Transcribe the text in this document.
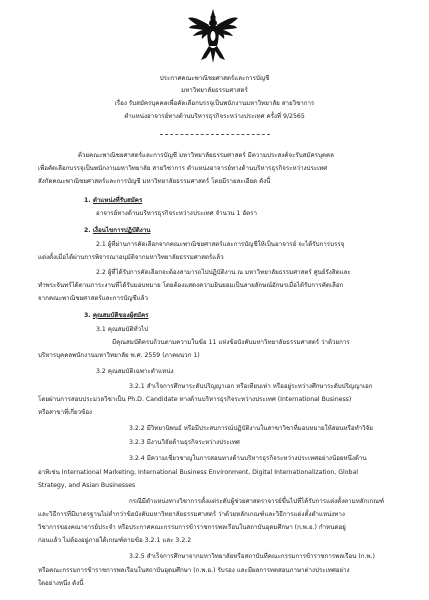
ประกาศคณะพาณิชยศาสตร์และการบัญชี
มหาวิทยาลัยธรรมศาสตร์
เรื่อง รับสมัครบุคคลเพื่อคัดเลือกบรรจุเป็นพนักงานมหาวิทยาลัย สายวิชาการ
ตำแหน่งอาจารย์ทางด้านบริหารธุรกิจระหว่างประเทศ ครั้งที่ 9/2565
ด้วยคณะพาณิชยศาสตร์และการบัญชี มหาวิทยาลัยธรรมศาสตร์ มีความประสงค์จะรับสมัครบุคคล
เพื่อคัดเลือกบรรจุเป็นพนักงานมหาวิทยาลัย สายวิชาการ ตำแหน่งอาจารย์ทางด้านบริหารธุรกิจระหว่างประเทศ
สังกัดคณะพาณิชยศาสตร์และการบัญชี มหาวิทยาลัยธรรมศาสตร์ โดยมีรายละเอียด ดังนี้
1. ตำแหน่งที่รับสมัคร
อาจารย์ทางด้านบริหารธุรกิจระหว่างประเทศ จำนวน 1 อัตรา
2. เงื่อนไขการปฏิบัติงาน
2.1 ผู้ที่ผ่านการคัดเลือกจากคณะพาณิชยศาสตร์และการบัญชีให้เป็นอาจารย์ จะได้รับการบรรจุ
แต่งตั้งเมื่อได้ผ่านการพิจารณาอนุมัติจากมหาวิทยาลัยธรรมศาสตร์แล้ว
2.2 ผู้ที่ได้รับการคัดเลือกจะต้องสามารถไปปฏิบัติงาน ณ มหาวิทยาลัยธรรมศาสตร์ ศูนย์รังสิตและ
ทำพระจันทร์ได้ตามภาระงานที่ได้รับมอบหมาย โดยต้องแสดงความยินยอมเป็นลายลักษณ์อักษรเมื่อได้รับการคัดเลือก
จากคณะพาณิชยศาสตร์และการบัญชีแล้ว
3. คุณสมบัติของผู้สมัคร
3.1 คุณสมบัติทั่วไป
มีคุณสมบัติครบถ้วนตามความในข้อ 11 แห่งข้อบังคับมหาวิทยาลัยธรรมศาสตร์ ว่าด้วยการ
บริหารบุคคลพนักงานมหาวิทยาลัย พ.ศ. 2559 (ภาคผนวก 1)
3.2 คุณสมบัติเฉพาะตำแหน่ง
3.2.1 สำเร็จการศึกษาระดับปริญญาเอก หรือเทียบเท่า หรืออยู่ระหว่างศึกษาระดับปริญญาเอก
โดยผ่านการสอบประมวลวิชาเป็น Ph.D. Candidate ทางด้านบริหารธุรกิจระหว่างประเทศ (International Business)
หรือสาขาที่เกี่ยวข้อง
3.2.2 มีวิทยานิพนธ์ หรือมีประสบการณ์ปฏิบัติงานในสาขาวิชาที่มอบหมายให้สอนหรือทำวิจัย
3.2.3 มีงานวิจัยด้านธุรกิจระหว่างประเทศ
3.2.4 มีความเชี่ยวชาญในการสอนทางด้านบริหารธุรกิจระหว่างประเทศอย่างน้อยหนึ่งด้าน
อาทิเช่น International Marketing, International Business Environment, Digital Internationalization, Global
Strategy, and Asian Businesses
กรณีมีตำแหน่งทางวิชาการตั้งแต่ระดับผู้ช่วยศาสตราจารย์ขึ้นไปที่ได้รับการแต่งตั้งตามหลักเกณฑ์
และวิธีการที่มีมาตรฐานไม่ต่ำกว่าข้อบังคับมหาวิทยาลัยธรรมศาสตร์ ว่าด้วยหลักเกณฑ์และวิธีการแต่งตั้งตำแหน่งทาง
วิชาการของคณาจารย์ประจำ หรือประกาศคณะกรรมการข้าราชการพลเรือนในสถาบันอุดมศึกษา (ก.พ.อ.) กำหนดอยู่
ก่อนแล้ว ไม่ต้องอยู่ภายใต้เกณฑ์ตามข้อ 3.2.1 และ 3.2.2
3.2.5 สำเร็จการศึกษาจากมหาวิทยาลัยหรือสถาบันที่คณะกรรมการข้าราชการพลเรือน (ก.พ.)
หรือคณะกรรมการข้าราชการพลเรือนในสถาบันอุดมศึกษา (ก.พ.อ.) รับรอง และมีผลการทดสอบภาษาต่างประเทศอย่าง
ใดอย่างหนึ่ง ดังนี้
